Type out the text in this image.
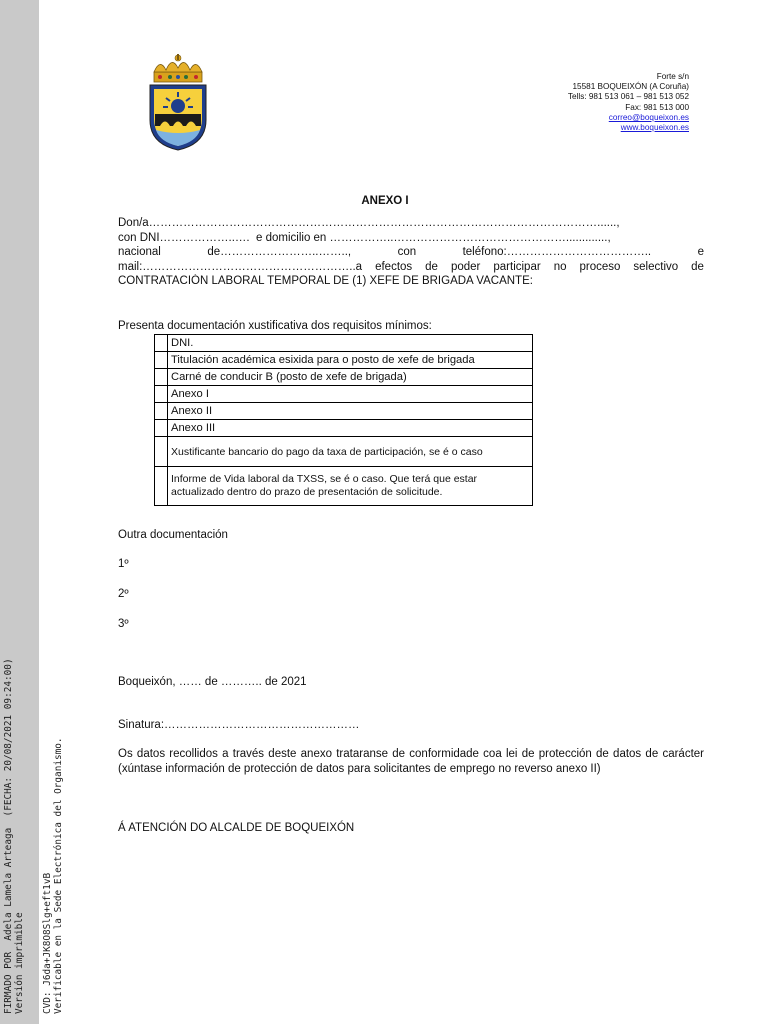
FIRMADO POR  Adela Lamela Arteaga  (FECHA: 20/08/2021 09:24:00)
Versión imprimible CVD: J6da+JK8O8Slg+eft1vB
Verificable en la Sede Electrónica del Organismo.
Forte s/n
15581 BOQUEIXÓN (A Coruña)
Tells: 981 513 061 – 981 513 052
Fax: 981 513 000
correo@boqueixon.es
www.boqueixon.es
ANEXO I
Don/a………………………………………………………………………………………………………......,
con DNI………………..….  e domicilio en ……………..……………………………………….............,
nacional	de……………………..……..,	con	teléfono:………………………………..	e
mail:………………………………………………..a efectos de poder participar no proceso selectivo de
CONTRATACIÓN LABORAL TEMPORAL DE (1) XEFE DE BRIGADA VACANTE:
Presenta documentación xustificativa dos requisitos mínimos:
	DNI.
	Titulación académica esixida para o posto de xefe de brigada
	Carné de conducir B (posto de xefe de brigada)
	Anexo I
	Anexo II
	Anexo III
	Xustificante bancario do pago da taxa de participación, se é o caso
	Informe de Vida laboral da TXSS, se é o caso. Que terá que estar actualizado dentro do prazo de presentación de solicitude.
Outra documentación
1º
2º
3º
Boqueixón, …… de ……….. de 2021
Sinatura:……………………………………………
Os datos recollidos a través deste anexo trataranse de conformidade coa lei de protección de datos de carácter (xúntase información de protección de datos para solicitantes de emprego no reverso anexo II)
Á ATENCIÓN DO ALCALDE DE BOQUEIXÓN
